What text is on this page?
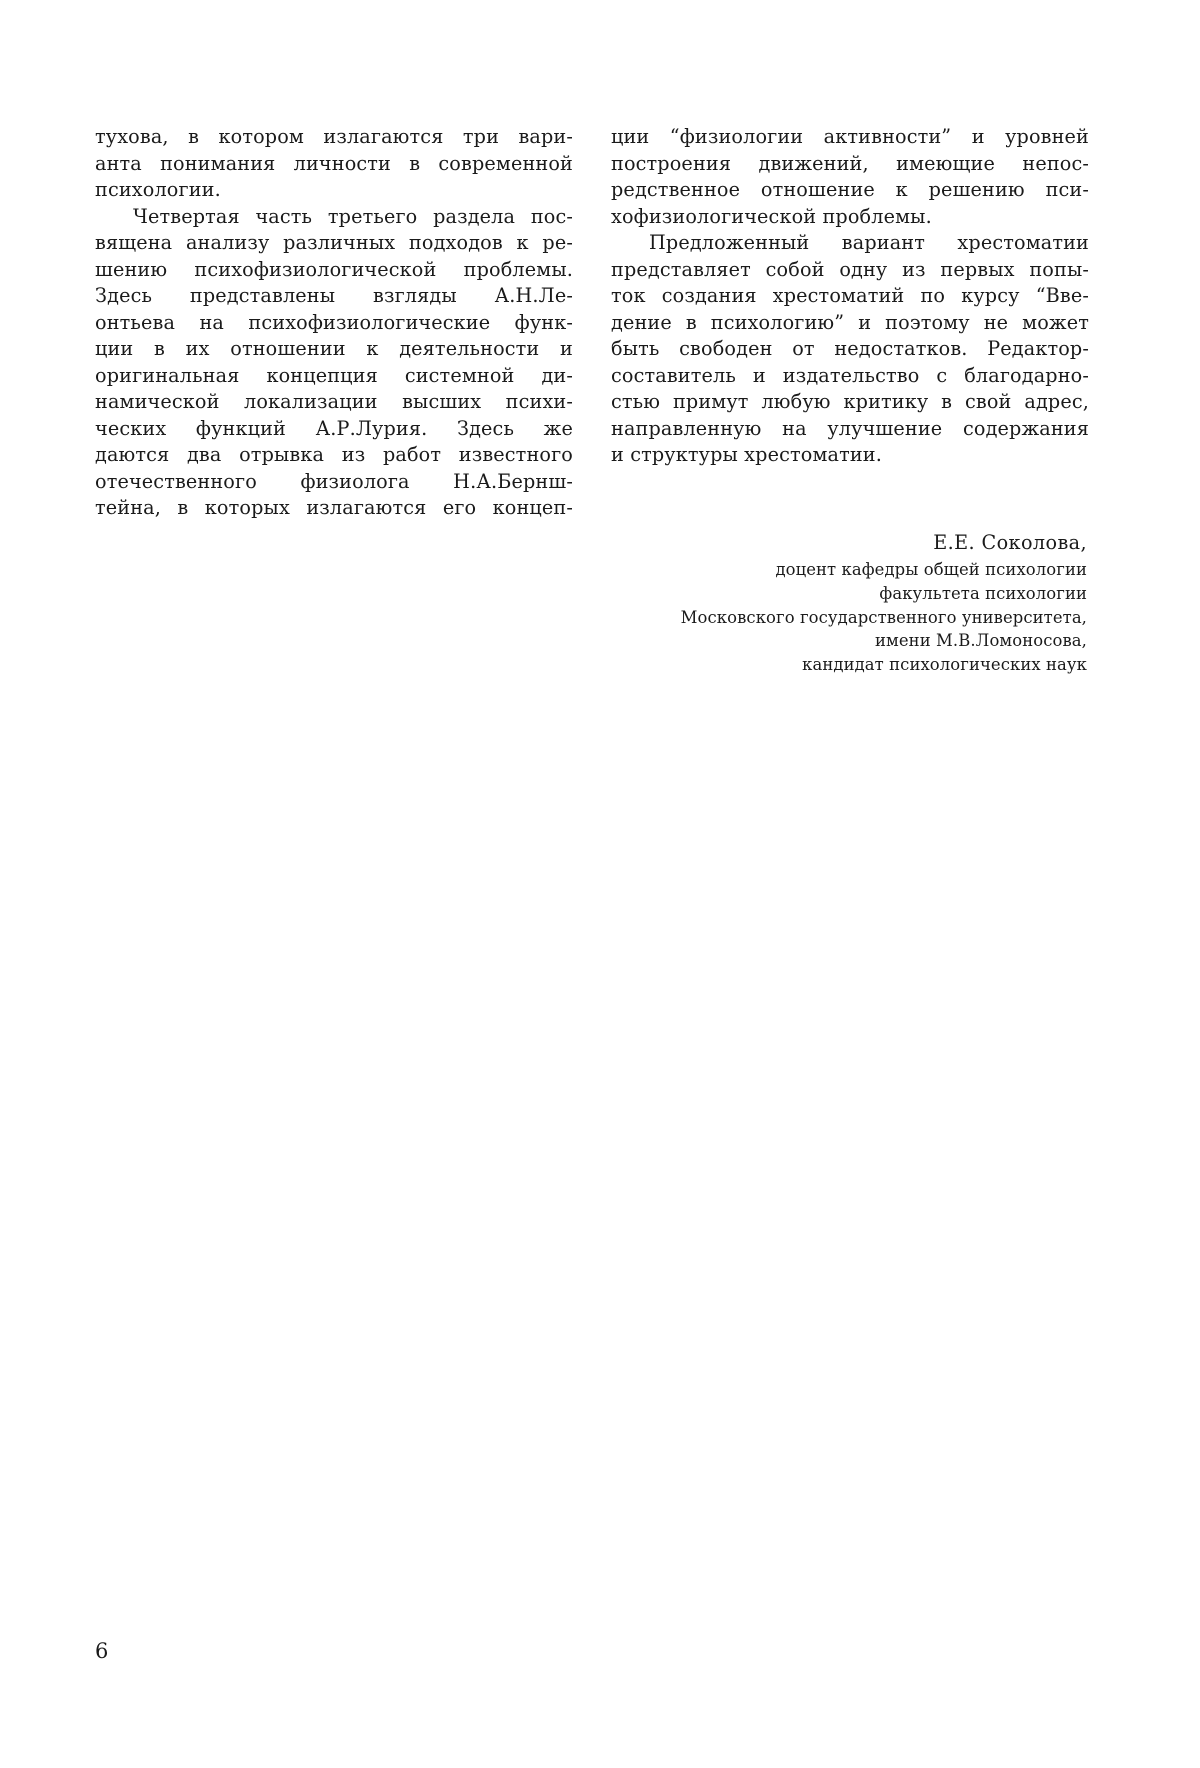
тухова, в котором излагаются три вари-
анта понимания личности в современной
психологии.
Четвертая часть третьего раздела пос-
вящена анализу различных подходов к ре-
шению психофизиологической проблемы.
Здесь представлены взгляды А.Н.Ле-
онтьева на психофизиологические функ-
ции в их отношении к деятельности и
оригинальная концепция системной ди-
намической локализации высших психи-
ческих функций А.Р.Лурия. Здесь же
даются два отрывка из работ известного
отечественного физиолога Н.А.Бернш-
тейна, в которых излагаются его концеп-
ции “физиологии активности” и уровней
построения движений, имеющие непос-
редственное отношение к решению пси-
хофизиологической проблемы.
Предложенный вариант хрестоматии
представляет собой одну из первых попы-
ток создания хрестоматий по курсу “Вве-
дение в психологию” и поэтому не может
быть свободен от недостатков. Редактор-
составитель и издательство с благодарно-
стью примут любую критику в свой адрес,
направленную на улучшение содержания
и структуры хрестоматии.
Е.Е. Соколова,
доцент кафедры общей психологии
факультета психологии
Московского государственного университета,
имени М.В.Ломоносова,
кандидат психологических наук
6
